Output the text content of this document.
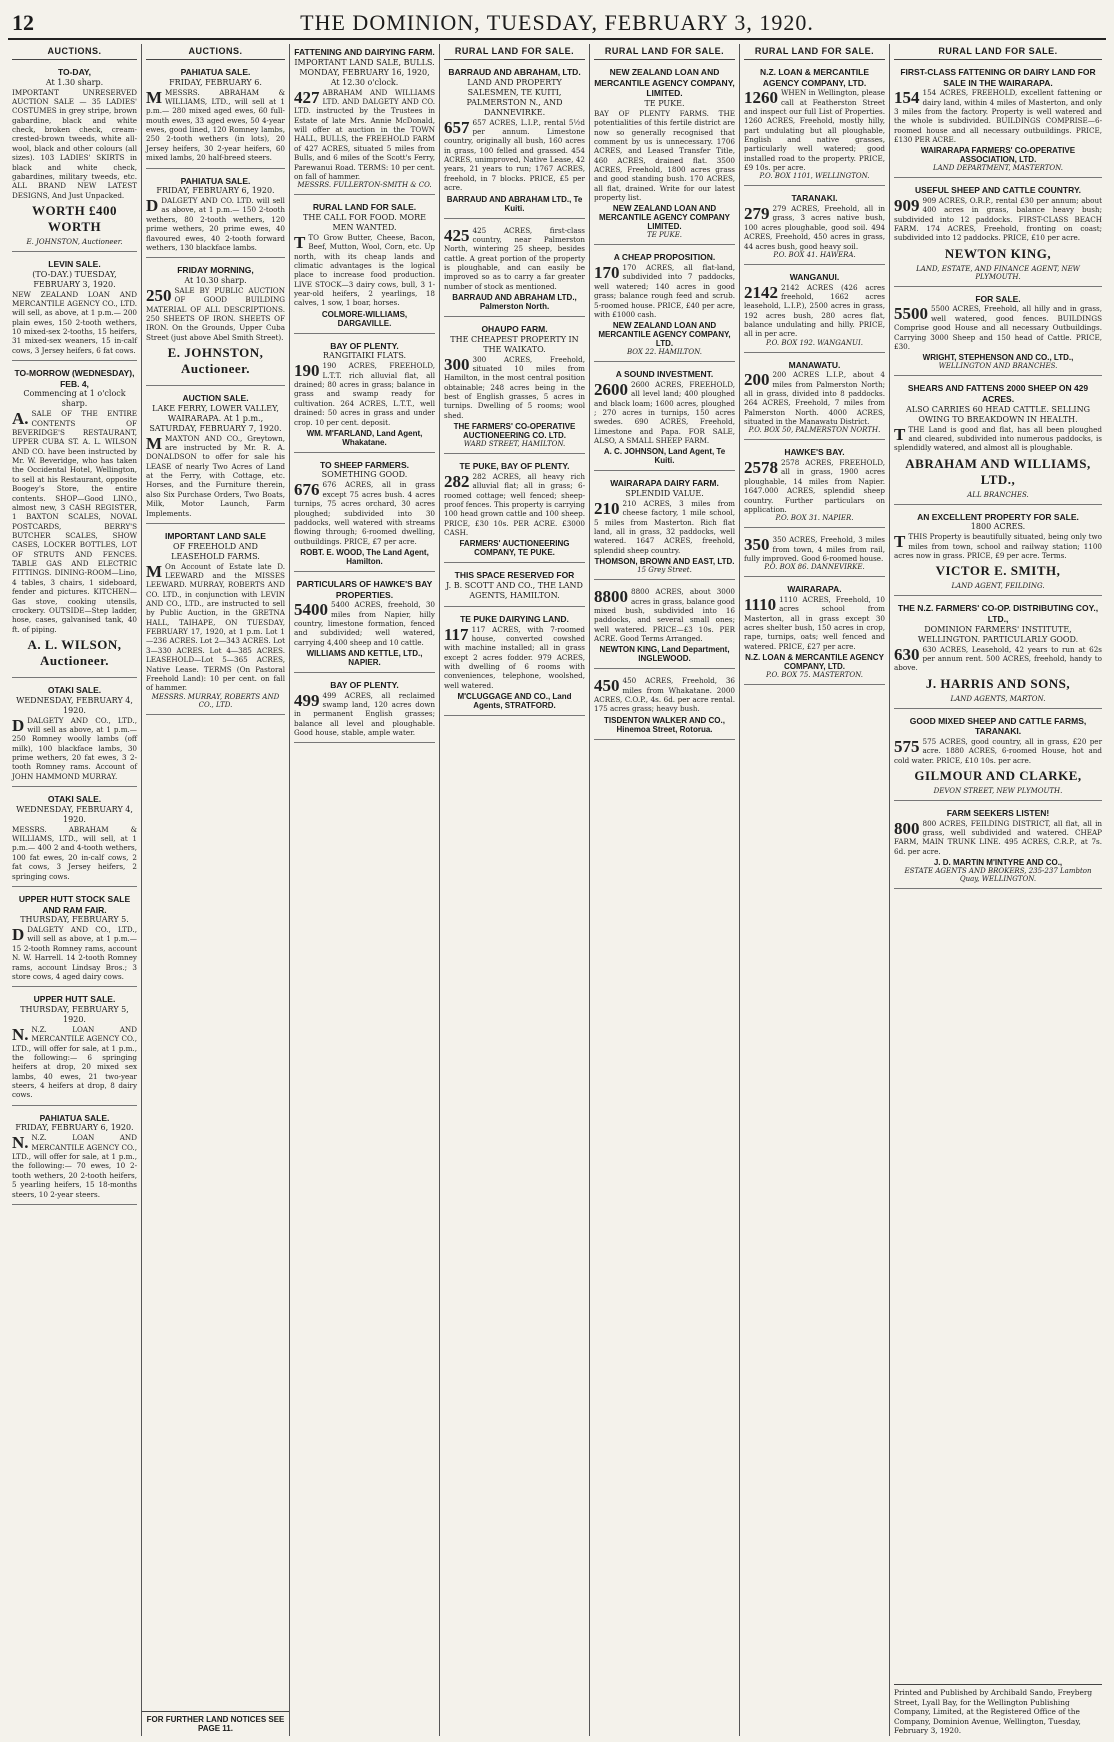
12	THE DOMINION, TUESDAY, FEBRUARY 3, 1920.
AUCTIONS.
TO-DAY,
At 1.30 sharp.
IMPORTANT UNRESERVED AUCTION SALE — 35 LADIES' COSTUMES in grey stripe, brown gabardine, black and white check, broken check, cream-crested-brown tweeds, white all-wool, black and other colours (all sizes). 103 LADIES' SKIRTS in black and white check, gabardines, military tweeds, etc. ALL BRAND NEW LATEST DESIGNS, And Just Unpacked.
WORTH £400 WORTH
E. JOHNSTON, Auctioneer.
LEVIN SALE.
(TO-DAY.) TUESDAY, FEBRUARY 3, 1920.
NEW ZEALAND LOAN AND MERCANTILE AGENCY CO., LTD. will sell, as above, at 1 p.m.— 200 plain ewes, 150 2-tooth wethers, 10 mixed-sex 2-tooths, 15 heifers, 31 mixed-sex weaners, 15 in-calf cows, 3 Jersey heifers, 6 fat cows.
TO-MORROW (WEDNESDAY), FEB. 4,
Commencing at 1 o'clock sharp.
A. SALE OF THE ENTIRE CONTENTS OF BEVERIDGE'S RESTAURANT, UPPER CUBA ST. A. L. WILSON AND CO. have been instructed by Mr. W. Beveridge, who has taken the Occidental Hotel, Wellington, to sell at his Restaurant, opposite Boogey's Store, the entire contents. SHOP—Good LINO., almost new, 3 CASH REGISTER, 1 BAXTON SCALES, NOVAL POSTCARDS, BERRY'S BUTCHER SCALES, SHOW CASES, LOCKER BOTTLES, LOT OF STRUTS AND FENCES. TABLE GAS AND ELECTRIC FITTINGS. DINING-ROOM—Lino, 4 tables, 3 chairs, 1 sideboard, fender and pictures. KITCHEN—Gas stove, cooking utensils, crockery. OUTSIDE—Step ladder, hose, cases, galvanised tank, 40 ft. of piping.
A. L. WILSON, Auctioneer.
OTAKI SALE.
WEDNESDAY, FEBRUARY 4, 1920.
DDALGETY AND CO., LTD., will sell as above, at 1 p.m.— 250 Romney woolly lambs (off milk), 100 blackface lambs, 30 prime wethers, 20 fat ewes, 3 2-tooth Romney rams. Account of JOHN HAMMOND MURRAY.
OTAKI SALE.
WEDNESDAY, FEBRUARY 4, 1920.
MESSRS. ABRAHAM & WILLIAMS, LTD., will sell, at 1 p.m.— 400 2 and 4-tooth wethers, 100 fat ewes, 20 in-calf cows, 2 fat cows, 3 Jersey heifers, 2 springing cows.
UPPER HUTT STOCK SALE AND RAM FAIR.
THURSDAY, FEBRUARY 5.
DDALGETY AND CO., LTD., will sell as above, at 1 p.m.— 15 2-tooth Romney rams, account N. W. Harrell. 14 2-tooth Romney rams, account Lindsay Bros.; 3 store cows, 4 aged dairy cows.
UPPER HUTT SALE.
THURSDAY, FEBRUARY 5, 1920.
N. N.Z. LOAN AND MERCANTILE AGENCY CO., LTD., will offer for sale, at 1 p.m., the following:— 6 springing heifers at drop, 20 mixed sex lambs, 40 ewes, 21 two-year steers, 4 heifers at drop, 8 dairy cows.
PAHIATUA SALE.
FRIDAY, FEBRUARY 6, 1920.
N. N.Z. LOAN AND MERCANTILE AGENCY CO., LTD., will offer for sale, at 1 p.m., the following:— 70 ewes, 10 2-tooth wethers, 20 2-tooth heifers, 5 yearling heifers, 15 18-months steers, 10 2-year steers.
AUCTIONS.
PAHIATUA SALE.
FRIDAY, FEBRUARY 6.
MMESSRS. ABRAHAM & WILLIAMS, LTD., will sell at 1 p.m.— 280 mixed aged ewes, 60 full-mouth ewes, 33 aged ewes, 50 4-year ewes, good lined, 120 Romney lambs, 250 2-tooth wethers (in lots), 20 Jersey heifers, 30 2-year heifers, 60 mixed lambs, 20 half-breed steers.
PAHIATUA SALE.
FRIDAY, FEBRUARY 6, 1920.
DDALGETY AND CO. LTD. will sell as above, at 1 p.m.— 150 2-tooth wethers, 80 2-tooth wethers, 120 prime wethers, 20 prime ewes, 40 flavoured ewes, 40 2-tooth forward wethers, 130 blackface lambs.
FRIDAY MORNING,
At 10.30 sharp.
250 SALE BY PUBLIC AUCTION OF GOOD BUILDING MATERIAL OF ALL DESCRIPTIONS. 250 SHEETS OF IRON. SHEETS OF IRON. On the Grounds, Upper Cuba Street (just above Abel Smith Street).
E. JOHNSTON, Auctioneer.
AUCTION SALE.
LAKE FERRY, LOWER VALLEY, WAIRARAPA. At 1 p.m., SATURDAY, FEBRUARY 7, 1920.
MMAXTON AND CO., Greytown, are instructed by Mr. R. A. DONALDSON to offer for sale his LEASE of nearly Two Acres of Land at the Ferry, with Cottage, etc. Horses, and the Furniture therein, also Six Purchase Orders, Two Boats, Milk, Motor Launch, Farm Implements.
IMPORTANT LAND SALE
OF FREEHOLD AND LEASEHOLD FARMS.
M On Account of Estate late D. LEEWARD and the MISSES LEEWARD. MURRAY, ROBERTS AND CO. LTD., in conjunction with LEVIN AND CO., LTD., are instructed to sell by Public Auction, in the GRETNA HALL, TAIHAPE, ON TUESDAY, FEBRUARY 17, 1920, at 1 p.m. Lot 1—236 ACRES. Lot 2—343 ACRES. Lot 3—330 ACRES. Lot 4—385 ACRES. LEASEHOLD—Lot 5—365 ACRES, Native Lease. TERMS (On Pastoral Freehold Land): 10 per cent. on fall of hammer.
MESSRS. MURRAY, ROBERTS AND CO., LTD.
FOR FURTHER LAND NOTICES SEE PAGE 11.
FATTENING AND DAIRYING FARM.
IMPORTANT LAND SALE, BULLS. MONDAY, FEBRUARY 16, 1920, At 12.30 o'clock.
427 ABRAHAM AND WILLIAMS LTD. AND DALGETY AND CO. LTD. instructed by the Trustees in Estate of late Mrs. Annie McDonald, will offer at auction in the TOWN HALL, BULLS, the FREEHOLD FARM of 427 ACRES, situated 5 miles from Bulls, and 6 miles of the Scott's Ferry, Parewanui Road. TERMS: 10 per cent. on fall of hammer.
MESSRS. FULLERTON-SMITH & CO.
RURAL LAND FOR SALE.
THE CALL FOR FOOD. MORE MEN WANTED.
TTO Grow Butter, Cheese, Bacon, Beef, Mutton, Wool, Corn, etc. Up north, with its cheap lands and climatic advantages is the logical place to increase food production. LIVE STOCK—3 dairy cows, bull, 3 1-year-old heifers, 2 yearlings, 18 calves, 1 sow, 1 boar, horses.
COLMORE-WILLIAMS, DARGAVILLE.
BAY OF PLENTY.
RANGITAIKI FLATS.
190 190 ACRES, FREEHOLD, L.T.T. rich alluvial flat, all drained; 80 acres in grass; balance in grass and swamp ready for cultivation. 264 ACRES, L.T.T., well drained: 50 acres in grass and under crop. 10 per cent. deposit.
WM. M'FARLAND, Land Agent, Whakatane.
TO SHEEP FARMERS.
SOMETHING GOOD.
676 676 ACRES, all in grass except 75 acres bush. 4 acres turnips, 75 acres orchard, 30 acres ploughed; subdivided into 30 paddocks, well watered with streams flowing through; 6-roomed dwelling, outbuildings. PRICE, £7 per acre.
ROBT. E. WOOD, The Land Agent, Hamilton.
PARTICULARS OF HAWKE'S BAY PROPERTIES.
5400 5400 ACRES, freehold, 30 miles from Napier, hilly country, limestone formation, fenced and subdivided; well watered, carrying 4,400 sheep and 10 cattle.
WILLIAMS AND KETTLE, LTD., NAPIER.
BAY OF PLENTY.
499 499 ACRES, all reclaimed swamp land, 120 acres down in permanent English grasses; balance all level and ploughable. Good house, stable, ample water.
RURAL LAND FOR SALE.
BARRAUD AND ABRAHAM, LTD.
LAND AND PROPERTY SALESMEN, TE KUITI, PALMERSTON N., AND DANNEVIRKE.
657 657 ACRES, L.I.P., rental 5½d per annum. Limestone country, originally all bush, 160 acres in grass, 100 felled and grassed. 454 ACRES, unimproved, Native Lease, 42 years, 21 years to run; 1767 ACRES, freehold, in 7 blocks. PRICE, £5 per acre.
BARRAUD AND ABRAHAM LTD., Te Kuiti.
425 425 ACRES, first-class country, near Palmerston North, wintering 25 sheep, besides cattle. A great portion of the property is ploughable, and can easily be improved so as to carry a far greater number of stock as mentioned.
BARRAUD AND ABRAHAM LTD., Palmerston North.
OHAUPO FARM.
THE CHEAPEST PROPERTY IN THE WAIKATO.
300 300 ACRES, Freehold, situated 10 miles from Hamilton, in the most central position obtainable; 248 acres being in the best of English grasses, 5 acres in turnips. Dwelling of 5 rooms; wool shed.
THE FARMERS' CO-OPERATIVE AUCTIONEERING CO. LTD.
WARD STREET, HAMILTON.
TE PUKE, BAY OF PLENTY.
282 282 ACRES, all heavy rich alluvial flat; all in grass; 6-roomed cottage; well fenced; sheep-proof fences. This property is carrying 100 head grown cattle and 100 sheep. PRICE, £30 10s. PER ACRE. £3000 CASH.
FARMERS' AUCTIONEERING COMPANY, TE PUKE.
THIS SPACE RESERVED FOR
J. B. SCOTT AND CO., THE LAND AGENTS, HAMILTON.
TE PUKE DAIRYING LAND.
117 117 ACRES, with 7-roomed house, converted cowshed with machine installed; all in grass except 2 acres fodder. 979 ACRES, with dwelling of 6 rooms with conveniences, telephone, woolshed, well watered.
M'CLUGGAGE AND CO., Land Agents, STRATFORD.
RURAL LAND FOR SALE.
NEW ZEALAND LOAN AND MERCANTILE AGENCY COMPANY, LIMITED.
TE PUKE.
BAY OF PLENTY FARMS. THE potentialities of this fertile district are now so generally recognised that comment by us is unnecessary. 1706 ACRES, and Leased Transfer Title, 460 ACRES, drained flat. 3500 ACRES, Freehold, 1800 acres grass and good standing bush. 170 ACRES, all flat, drained. Write for our latest property list.
NEW ZEALAND LOAN AND MERCANTILE AGENCY COMPANY LIMITED.
TE PUKE.
A CHEAP PROPOSITION.
170 170 ACRES, all flat-land, subdivided into 7 paddocks, well watered; 140 acres in good grass; balance rough feed and scrub. 5-roomed house. PRICE, £40 per acre, with £1000 cash.
NEW ZEALAND LOAN AND MERCANTILE AGENCY COMPANY, LTD.
BOX 22. HAMILTON.
A SOUND INVESTMENT.
2600 2600 ACRES, FREEHOLD, all level land; 400 ploughed and black loam; 1600 acres, ploughed ; 270 acres in turnips, 150 acres swedes. 690 ACRES, Freehold, Limestone and Papa. FOR SALE, ALSO, A SMALL SHEEP FARM.
A. C. JOHNSON, Land Agent, Te Kuiti.
WAIRARAPA DAIRY FARM.
SPLENDID VALUE.
210 210 ACRES, 3 miles from cheese factory, 1 mile school, 5 miles from Masterton. Rich flat land, all in grass, 32 paddocks, well watered. 1647 ACRES, freehold, splendid sheep country.
THOMSON, BROWN AND EAST, LTD.
15 Grey Street.
8800 8800 ACRES, about 3000 acres in grass, balance good mixed bush, subdivided into 16 paddocks, and several small ones; well watered. PRICE—£3 10s. PER ACRE. Good Terms Arranged.
NEWTON KING, Land Department, INGLEWOOD.
450 450 ACRES, Freehold, 36 miles from Whakatane. 2000 ACRES, C.O.P., 4s. 6d. per acre rental. 175 acres grass; heavy bush.
TISDENTON WALKER AND CO., Hinemoa Street, Rotorua.
RURAL LAND FOR SALE.
N.Z. LOAN & MERCANTILE AGENCY COMPANY, LTD.
1260 WHEN in Wellington, please call at Featherston Street and inspect our full List of Properties. 1260 ACRES, Freehold, mostly hilly, part undulating but all ploughable, English and native grasses, particularly well watered; good installed road to the property. PRICE, £9 10s. per acre.
P.O. BOX 1101, WELLINGTON.
TARANAKI.
279 279 ACRES, Freehold, all in grass, 3 acres native bush, 100 acres ploughable, good soil. 494 ACRES, Freehold, 450 acres in grass, 44 acres bush, good heavy soil.
P.O. BOX 41. HAWERA.
WANGANUI.
2142 2142 ACRES (426 acres freehold, 1662 acres leasehold, L.I.P.), 2500 acres in grass, 192 acres bush, 280 acres flat, balance undulating and hilly. PRICE, all in per acre.
P.O. BOX 192. WANGANUI.
MANAWATU.
200 200 ACRES L.I.P., about 4 miles from Palmerston North; all in grass, divided into 8 paddocks. 264 ACRES, Freehold, 7 miles from Palmerston North. 4000 ACRES, situated in the Manawatu District.
P.O. BOX 50, PALMERSTON NORTH.
HAWKE'S BAY.
2578 2578 ACRES, FREEHOLD, all in grass, 1900 acres ploughable, 14 miles from Napier. 1647.000 ACRES, splendid sheep country. Further particulars on application.
P.O. BOX 31. NAPIER.
350 350 ACRES, Freehold, 3 miles from town, 4 miles from rail, fully improved. Good 6-roomed house.
P.O. BOX 86. DANNEVIRKE.
WAIRARAPA.
1110 1110 ACRES, Freehold, 10 acres school from Masterton, all in grass except 30 acres shelter bush, 150 acres in crop, rape, turnips, oats; well fenced and watered. PRICE, £27 per acre.
N.Z. LOAN & MERCANTILE AGENCY COMPANY, LTD.
P.O. BOX 75. MASTERTON.
RURAL LAND FOR SALE.
FIRST-CLASS FATTENING OR DAIRY LAND FOR SALE IN THE WAIRARAPA.
154 154 ACRES, FREEHOLD, excellent fattening or dairy land, within 4 miles of Masterton, and only 3 miles from the factory. Property is well watered and the whole is subdivided. BUILDINGS COMPRISE—6-roomed house and all necessary outbuildings. PRICE, £130 PER ACRE.
WAIRARAPA FARMERS' CO-OPERATIVE ASSOCIATION, LTD.
LAND DEPARTMENT, MASTERTON.
USEFUL SHEEP AND CATTLE COUNTRY.
909 909 ACRES, O.R.P., rental £30 per annum; about 400 acres in grass, balance heavy bush; subdivided into 12 paddocks. FIRST-CLASS BEACH FARM. 174 ACRES, Freehold, fronting on coast; subdivided into 12 paddocks. PRICE, £10 per acre.
NEWTON KING,
LAND, ESTATE, AND FINANCE AGENT, NEW PLYMOUTH.
FOR SALE.
5500 5500 ACRES, Freehold, all hilly and in grass, well watered, good fences. BUILDINGS Comprise good House and all necessary Outbuildings. Carrying 3000 Sheep and 150 head of Cattle. PRICE, £30.
WRIGHT, STEPHENSON AND CO., LTD.,
WELLINGTON AND BRANCHES.
SHEARS AND FATTENS 2000 SHEEP ON 429 ACRES.
ALSO CARRIES 60 HEAD CATTLE. SELLING OWING TO BREAKDOWN IN HEALTH.
TTHE Land is good and flat, has all been ploughed and cleared, subdivided into numerous paddocks, is splendidly watered, and almost all is ploughable.
ABRAHAM AND WILLIAMS, LTD.,
ALL BRANCHES.
AN EXCELLENT PROPERTY FOR SALE.
1800 ACRES.
TTHIS Property is beautifully situated, being only two miles from town, school and railway station; 1100 acres now in grass. PRICE, £9 per acre. Terms.
VICTOR E. SMITH,
LAND AGENT, FEILDING.
THE N.Z. FARMERS' CO-OP. DISTRIBUTING COY., LTD.,
DOMINION FARMERS' INSTITUTE, WELLINGTON. PARTICULARLY GOOD.
630 630 ACRES, Leasehold, 42 years to run at 62s per annum rent. 500 ACRES, freehold, handy to above.
J. HARRIS AND SONS,
LAND AGENTS, MARTON.
GOOD MIXED SHEEP AND CATTLE FARMS, TARANAKI.
575 575 ACRES, good country, all in grass, £20 per acre. 1880 ACRES, 6-roomed House, hot and cold water. PRICE, £10 10s. per acre.
GILMOUR AND CLARKE,
DEVON STREET, NEW PLYMOUTH.
FARM SEEKERS LISTEN!
800 800 ACRES, FEILDING DISTRICT, all flat, all in grass, well subdivided and watered. CHEAP FARM, MAIN TRUNK LINE. 495 ACRES, C.R.P., at 7s. 6d. per acre.
J. D. MARTIN M'INTYRE AND CO.,
ESTATE AGENTS AND BROKERS, 235-237 Lambton Quay, WELLINGTON.
Printed and Published by Archibald Sando, Freyberg Street, Lyall Bay, for the Wellington Publishing Company, Limited, at the Registered Office of the Company, Dominion Avenue, Wellington, Tuesday, February 3, 1920.
